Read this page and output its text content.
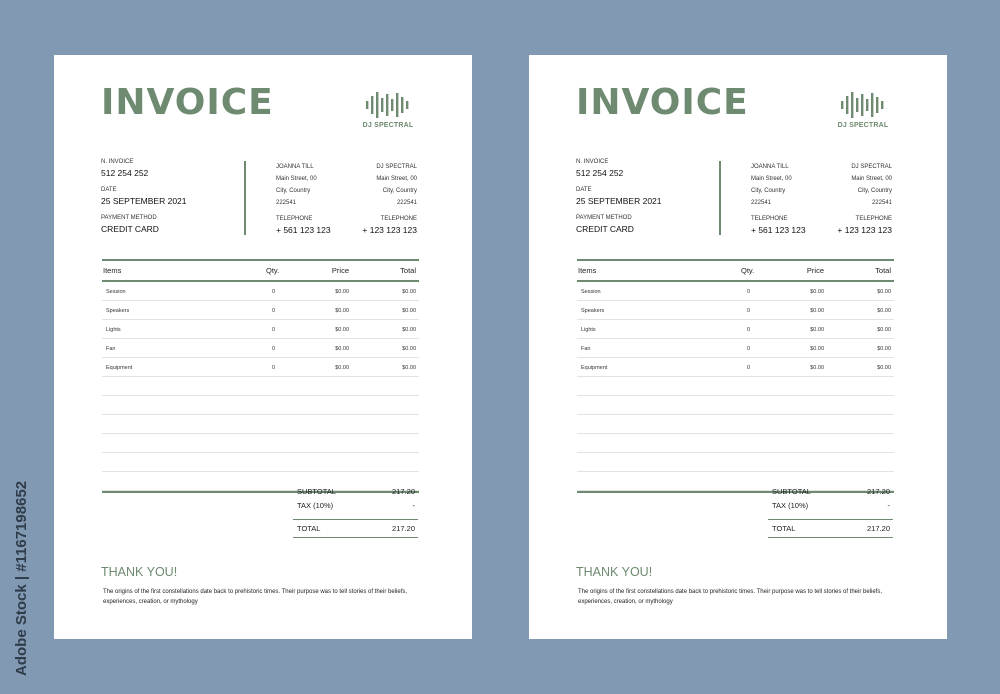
INVOICE
DJ SPECTRAL
N. INVOICE
512 254 252
DATE
25 SEPTEMBER 2021
PAYMENT METHOD
CREDIT CARD
JOANNA TILL
Main Street, 00
City, Country
222541
TELEPHONE
+ 561 123 123
DJ SPECTRAL
Main Street, 00
City, Country
222541
TELEPHONE
+ 123 123 123
Items	Qty.	Price	Total
Session	0	$0.00	$0.00
Speakers	0	$0.00	$0.00
Lights	0	$0.00	$0.00
Fan	0	$0.00	$0.00
Equipment	0	$0.00	$0.00
SUBTOTAL	217.20
TAX (10%)	-
TOTAL	217.20
THANK YOU!

The origins of the first constellations date back to prehistoric times. Their purpose was to tell stories of their beliefs, experiences, creation, or mythology

INVOICE
DJ SPECTRAL
N. INVOICE
512 254 252
DATE
25 SEPTEMBER 2021
PAYMENT METHOD
CREDIT CARD
JOANNA TILL
Main Street, 00
City, Country
222541
TELEPHONE
+ 561 123 123
DJ SPECTRAL
Main Street, 00
City, Country
222541
TELEPHONE
+ 123 123 123
Items	Qty.	Price	Total
Session	0	$0.00	$0.00
Speakers	0	$0.00	$0.00
Lights	0	$0.00	$0.00
Fan	0	$0.00	$0.00
Equipment	0	$0.00	$0.00
SUBTOTAL	217.20
TAX (10%)	-
TOTAL	217.20
THANK YOU!

The origins of the first constellations date back to prehistoric times. Their purpose was to tell stories of their beliefs, experiences, creation, or mythology

Adobe Stock | #1167198652
